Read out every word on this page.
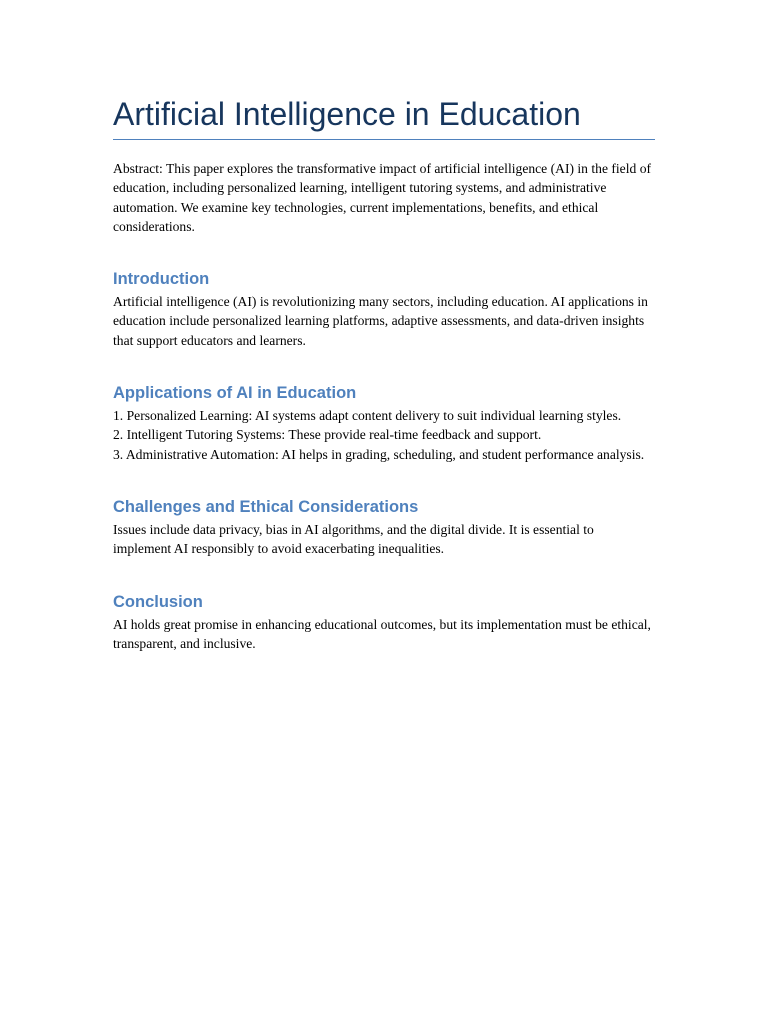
Artificial Intelligence in Education

Abstract: This paper explores the transformative impact of artificial intelligence (AI) in the field of education, including personalized learning, intelligent tutoring systems, and administrative automation. We examine key technologies, current implementations, benefits, and ethical considerations.

Introduction

Artificial intelligence (AI) is revolutionizing many sectors, including education. AI applications in education include personalized learning platforms, adaptive assessments, and data-driven insights that support educators and learners.

Applications of AI in Education

1. Personalized Learning: AI systems adapt content delivery to suit individual learning styles.
2. Intelligent Tutoring Systems: These provide real-time feedback and support.
3. Administrative Automation: AI helps in grading, scheduling, and student performance analysis.

Challenges and Ethical Considerations

Issues include data privacy, bias in AI algorithms, and the digital divide. It is essential to implement AI responsibly to avoid exacerbating inequalities.

Conclusion

AI holds great promise in enhancing educational outcomes, but its implementation must be ethical, transparent, and inclusive.
